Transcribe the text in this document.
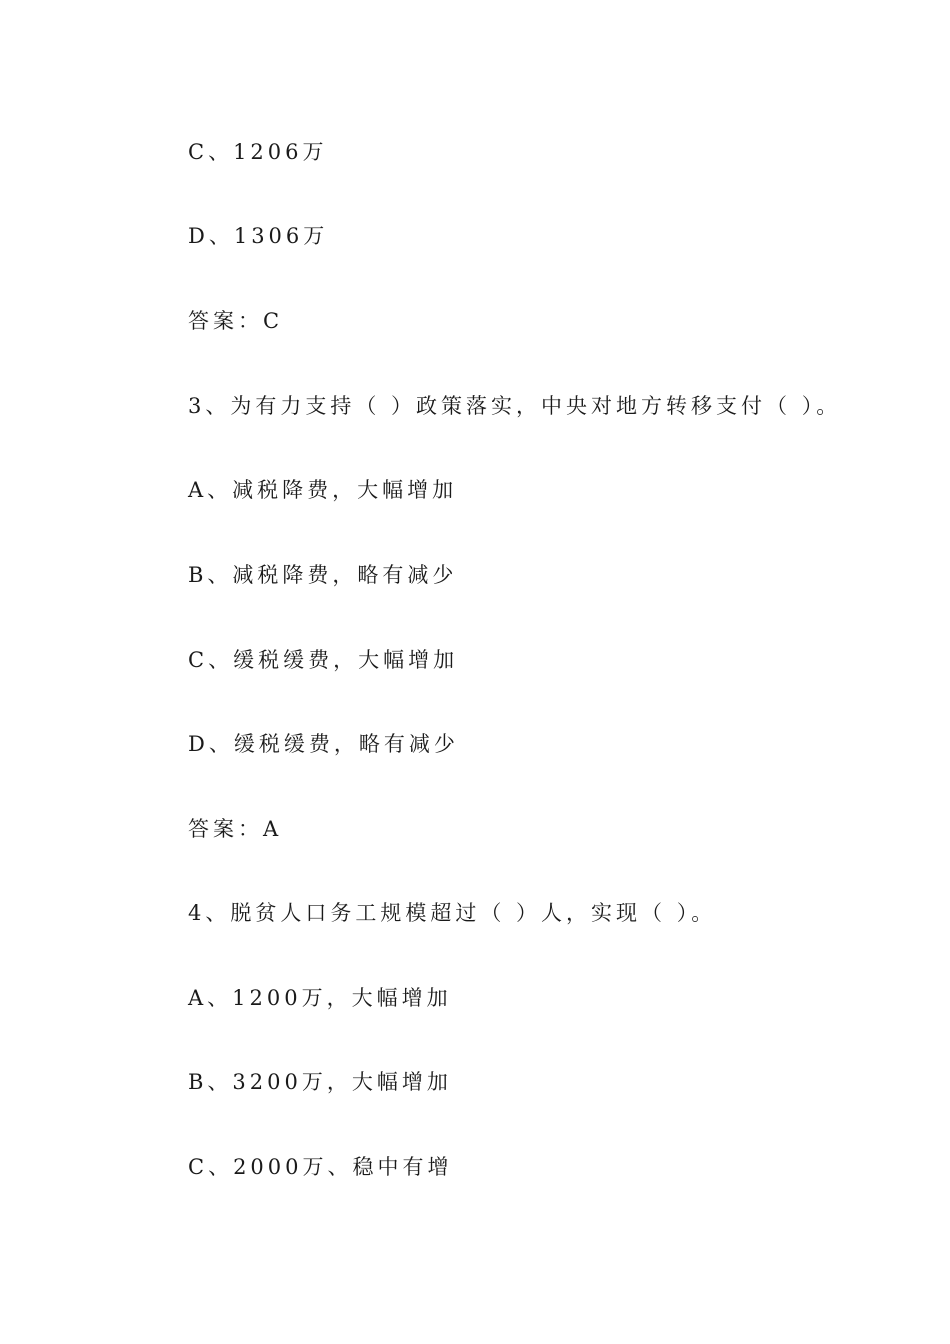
C、1206万
D、1306万
答案：C
3、为有力支持（ ）政策落实，中央对地方转移支付（ ）。
A、减税降费，大幅增加
B、减税降费，略有减少
C、缓税缓费，大幅增加
D、缓税缓费，略有减少
答案：A
4、脱贫人口务工规模超过（ ）人，实现（ ）。
A、1200万，大幅增加
B、3200万，大幅增加
C、2000万、稳中有增
